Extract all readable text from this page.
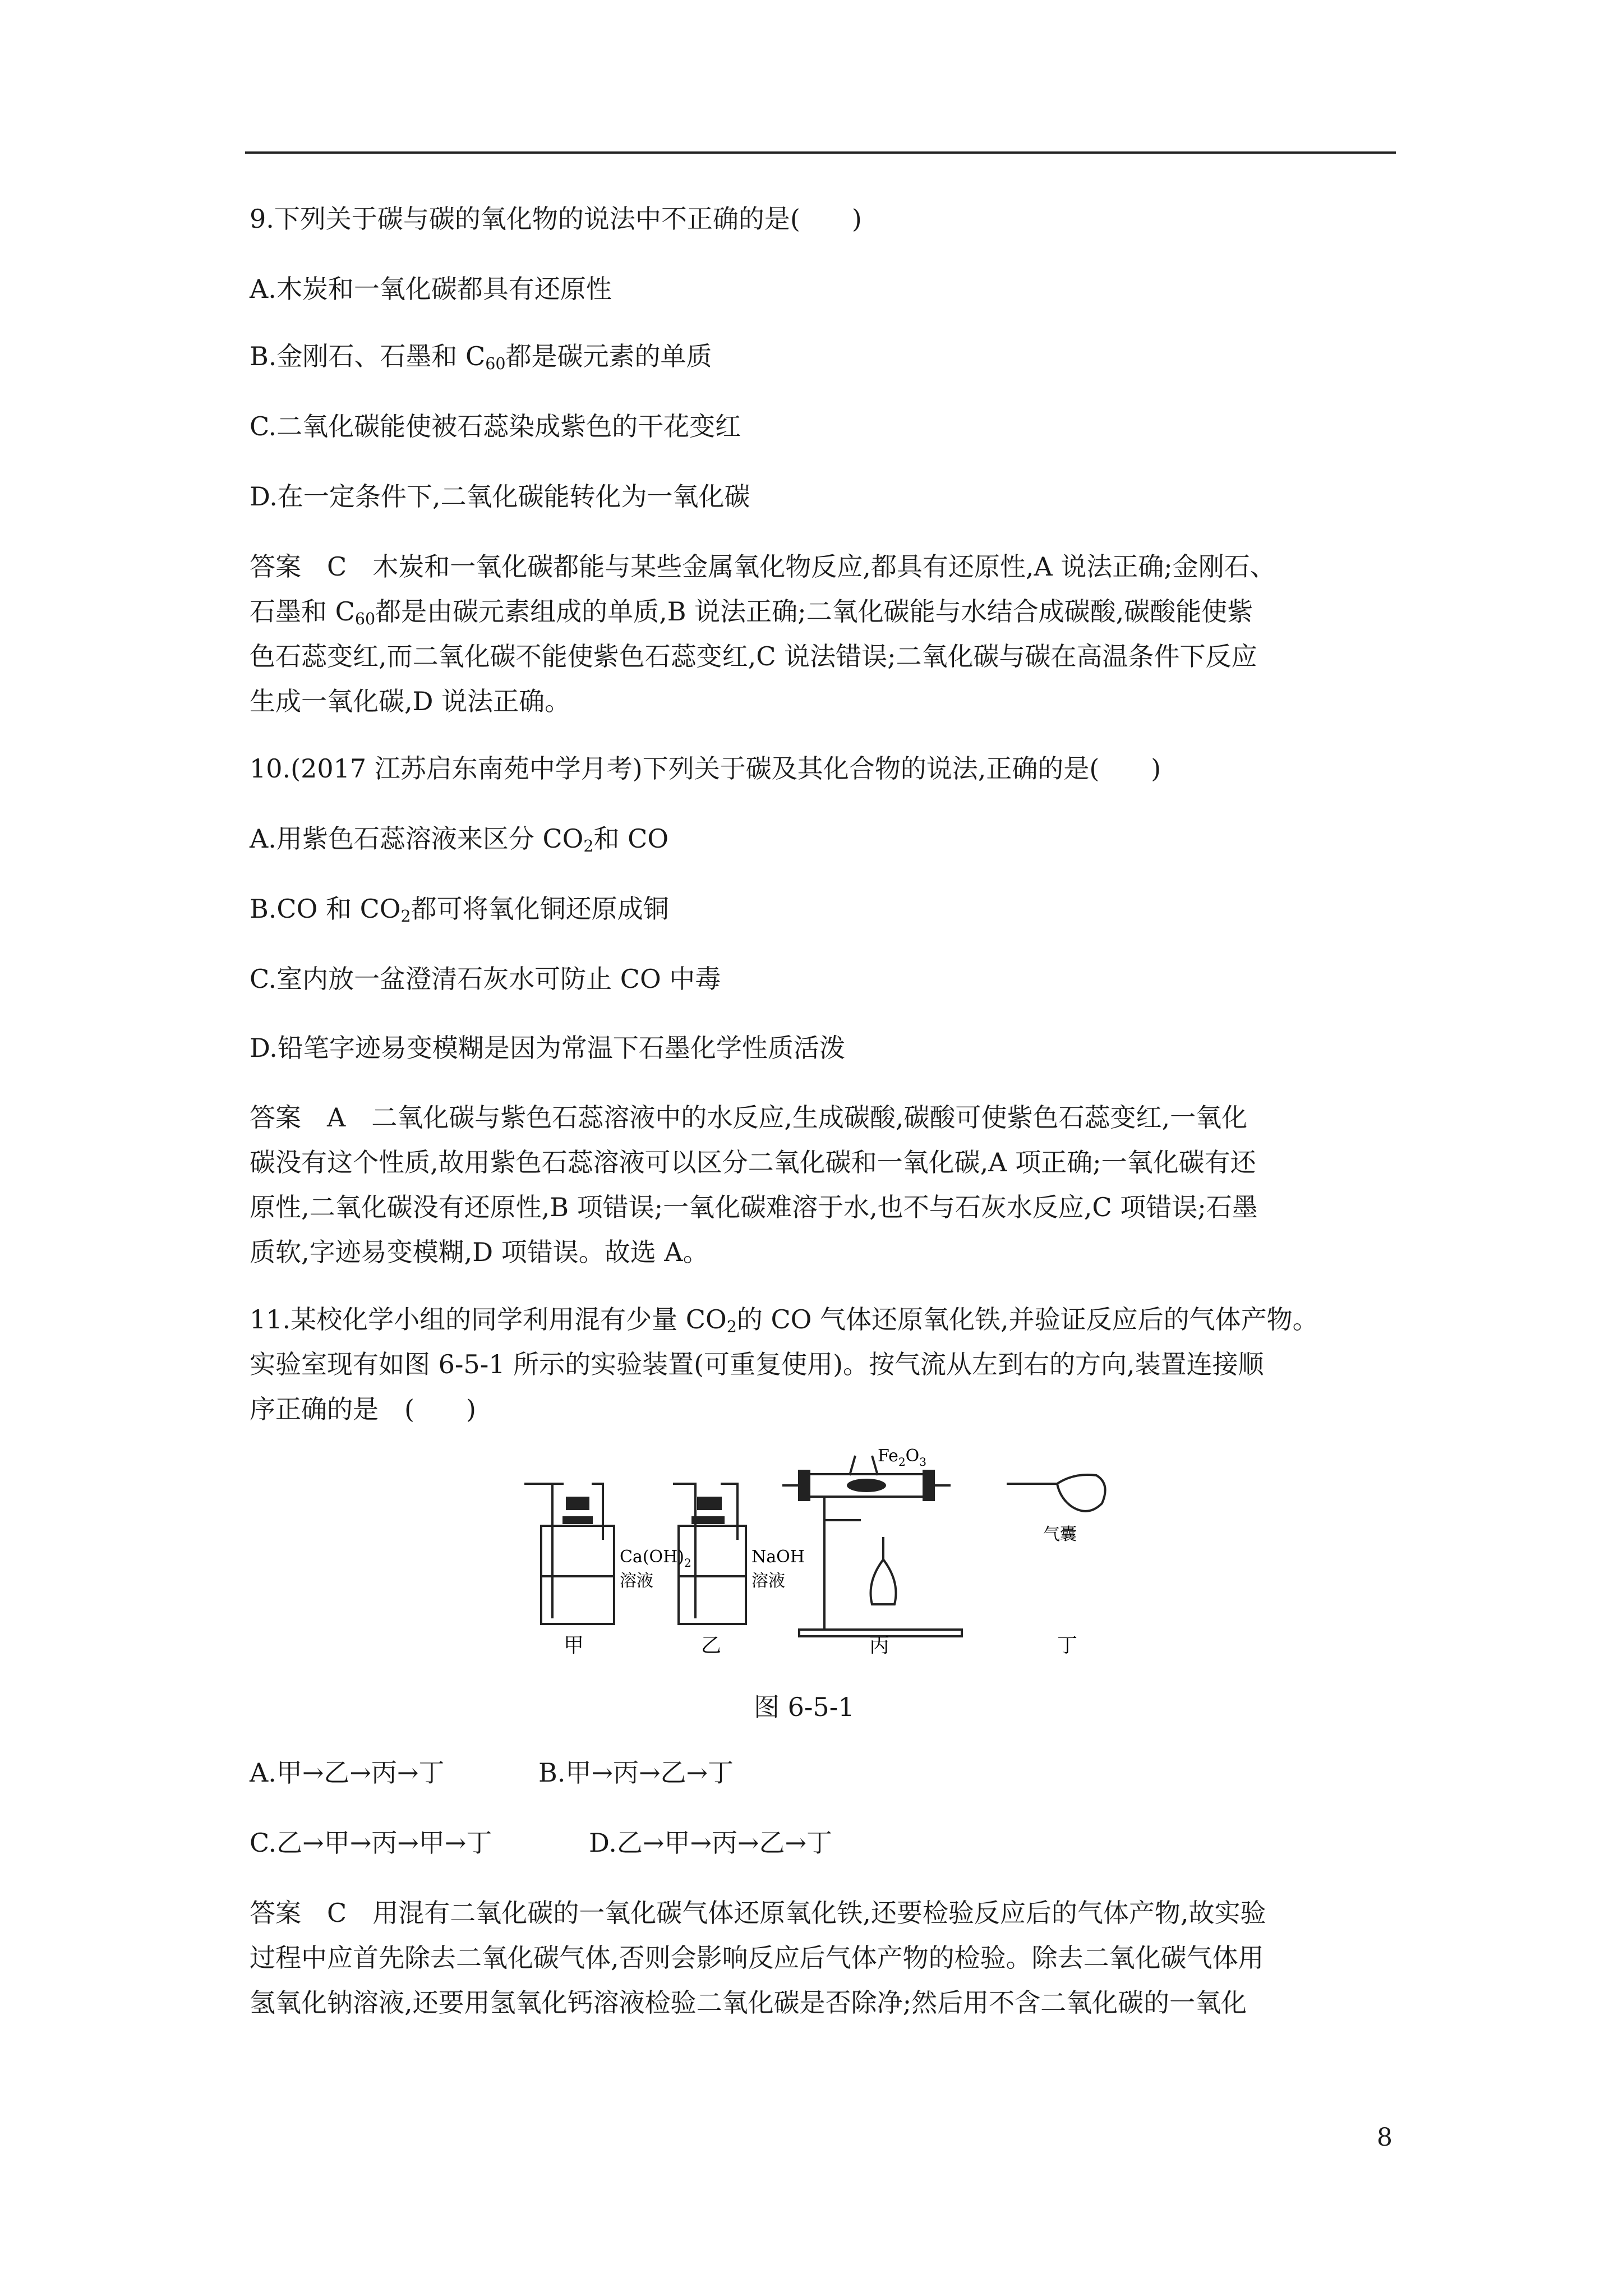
9.下列关于碳与碳的氧化物的说法中不正确的是(　　)
A.木炭和一氧化碳都具有还原性
B.金刚石、石墨和 $C_{60}$都是碳元素的单质
C.二氧化碳能使被石蕊染成紫色的干花变红
D.在一定条件下,二氧化碳能转化为一氧化碳
答案　C　木炭和一氧化碳都能与某些金属氧化物反应,都具有还原性,A 说法正确;金刚石、
石墨和 $C_{60}$都是由碳元素组成的单质,B 说法正确;二氧化碳能与水结合成碳酸,碳酸能使紫
色石蕊变红,而二氧化碳不能使紫色石蕊变红,C 说法错误;二氧化碳与碳在高温条件下反应
生成一氧化碳,D 说法正确。
10.(2017 江苏启东南苑中学月考)下列关于碳及其化合物的说法,正确的是(　　)
A.用紫色石蕊溶液来区分 $CO_2$和 CO
B.CO 和 $CO_2$都可将氧化铜还原成铜
C.室内放一盆澄清石灰水可防止 CO 中毒
D.铅笔字迹易变模糊是因为常温下石墨化学性质活泼
答案　A　二氧化碳与紫色石蕊溶液中的水反应,生成碳酸,碳酸可使紫色石蕊变红,一氧化
碳没有这个性质,故用紫色石蕊溶液可以区分二氧化碳和一氧化碳,A 项正确;一氧化碳有还
原性,二氧化碳没有还原性,B 项错误;一氧化碳难溶于水,也不与石灰水反应,C 项错误;石墨
质软,字迹易变模糊,D 项错误。故选 A。
11.某校化学小组的同学利用混有少量 $CO_2$的 CO 气体还原氧化铁,并验证反应后的气体产物。
实验室现有如图 6-5-1 所示的实验装置(可重复使用)。按气流从左到右的方向,装置连接顺
序正确的是　(　　)
$Ca(OH)_2$
溶液
NaOH
溶液
$Fe_2O_3$
气囊
甲	乙	丙	丁
图 6-5-1
A.甲→乙→丙→丁	B.甲→丙→乙→丁
C.乙→甲→丙→甲→丁	D.乙→甲→丙→乙→丁
答案　C　用混有二氧化碳的一氧化碳气体还原氧化铁,还要检验反应后的气体产物,故实验
过程中应首先除去二氧化碳气体,否则会影响反应后气体产物的检验。除去二氧化碳气体用
氢氧化钠溶液,还要用氢氧化钙溶液检验二氧化碳是否除净;然后用不含二氧化碳的一氧化
8
